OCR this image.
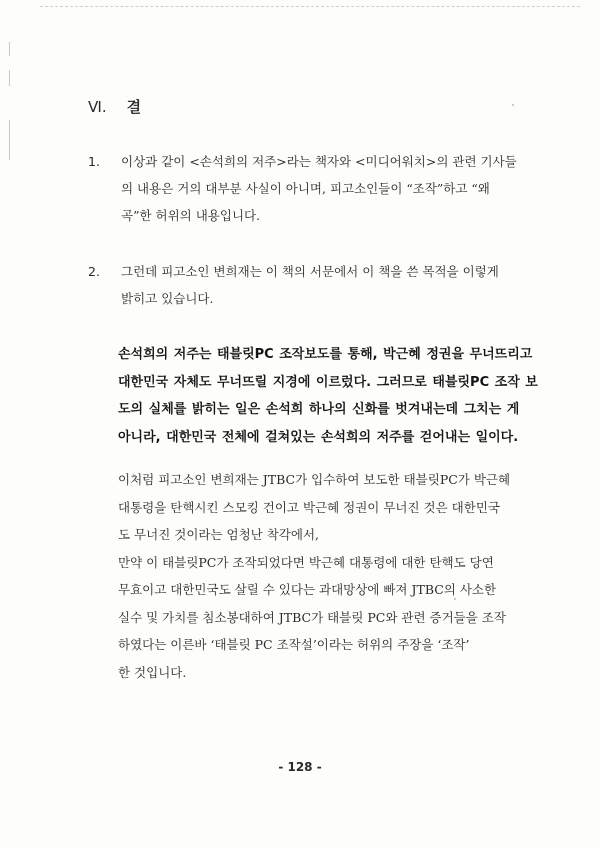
Ⅵ. 결
1. 이상과 같이 <손석희의 저주>라는 책자와 <미디어워치>의 관련 기사들
의 내용은 거의 대부분 사실이 아니며, 피고소인들이 “조작”하고 “왜
곡”한 허위의 내용입니다.
2. 그런데 피고소인 변희재는 이 책의 서문에서 이 책을 쓴 목적을 이렇게
밝히고 있습니다.
손석희의 저주는 태블릿PC 조작보도를 통해, 박근혜 정권을 무너뜨리고
대한민국 자체도 무너뜨릴 지경에 이르렀다. 그러므로 태블릿PC 조작 보
도의 실체를 밝히는 일은 손석희 하나의 신화를 벗겨내는데 그치는 게
아니라, 대한민국 전체에 걸쳐있는 손석희의 저주를 걷어내는 일이다.
이처럼 피고소인 변희재는 JTBC가 입수하여 보도한 태블릿PC가 박근혜
대통령을 탄핵시킨 스모킹 건이고 박근혜 정권이 무너진 것은 대한민국
도 무너진 것이라는 엄청난 착각에서,
만약 이 태블릿PC가 조작되었다면 박근혜 대통령에 대한 탄핵도 당연
무효이고 대한민국도 살릴 수 있다는 과대망상에 빠져 JTBC의 사소한
실수 및 가치를 침소봉대하여 JTBC가 태블릿 PC와 관련 증거들을 조작
하였다는 이른바 ‘태블릿 PC 조작설’이라는 허위의 주장을 ‘조작’
한 것입니다.
- 128 -
